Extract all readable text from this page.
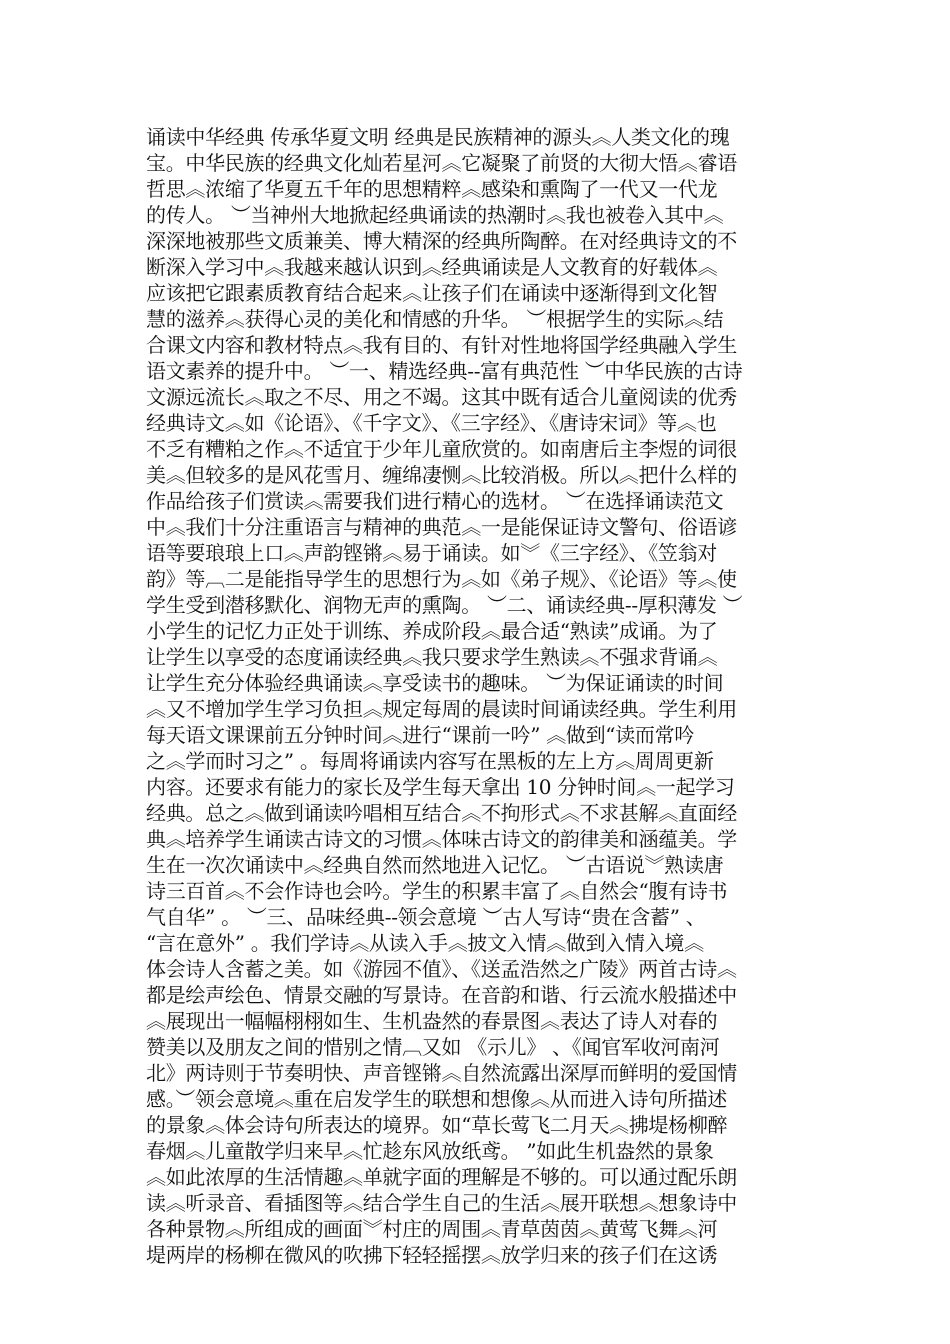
诵读中华经典 传承华夏文明 经典是民族精神的源头︽人类文化的瑰
宝。中华民族的经典文化灿若星河︽它凝聚了前贤的大彻大悟︽睿语
哲思︽浓缩了华夏五千年的思想精粹︽感染和熏陶了一代又一代龙
的传人。 ︶当神州大地掀起经典诵读的热潮时︽我也被卷入其中︽
深深地被那些文质兼美、博大精深的经典所陶醉。在对经典诗文的不
断深入学习中︽我越来越认识到︽经典诵读是人文教育的好载体︽
应该把它跟素质教育结合起来︽让孩子们在诵读中逐渐得到文化智
慧的滋养︽获得心灵的美化和情感的升华。 ︶根据学生的实际︽结
合课文内容和教材特点︽我有目的、有针对性地将国学经典融入学生
语文素养的提升中。 ︶一、精选经典--富有典范性 ︶中华民族的古诗
文源远流长︽取之不尽、用之不竭。这其中既有适合儿童阅读的优秀
经典诗文︽如《论语》、《千字文》、《三字经》、《唐诗宋词》等︽也
不乏有糟粕之作︽不适宜于少年儿童欣赏的。如南唐后主李煜的词很
美︽但较多的是风花雪月、缠绵凄恻︽比较消极。所以︽把什么样的
作品给孩子们赏读︽需要我们进行精心的选材。 ︶在选择诵读范文
中︽我们十分注重语言与精神的典范︽一是能保证诗文警句、俗语谚
语等要琅琅上口︽声韵铿锵︽易于诵读。如︾《三字经》、《笠翁对
韵》等︹二是能指导学生的思想行为︽如《弟子规》、《论语》等︽使
学生受到潜移默化、润物无声的熏陶。 ︶二、诵读经典--厚积薄发 ︶
小学生的记忆力正处于训练、养成阶段︽最合适“熟读”成诵。为了
让学生以享受的态度诵读经典︽我只要求学生熟读︽不强求背诵︽
让学生充分体验经典诵读︽享受读书的趣味。 ︶为保证诵读的时间
︽又不增加学生学习负担︽规定每周的晨读时间诵读经典。学生利用
每天语文课课前五分钟时间︽进行“课前一吟” ︽做到“读而常吟
之︽学而时习之” 。每周将诵读内容写在黑板的左上方︽周周更新
内容。还要求有能力的家长及学生每天拿出 10 分钟时间︽一起学习
经典。总之︽做到诵读吟唱相互结合︽不拘形式︽不求甚解︽直面经
典︽培养学生诵读古诗文的习惯︽体味古诗文的韵律美和涵蕴美。学
生在一次次诵读中︽经典自然而然地进入记忆。 ︶古语说︾熟读唐
诗三百首︽不会作诗也会吟。学生的积累丰富了︽自然会“腹有诗书
气自华” 。 ︶三、品味经典--领会意境 ︶古人写诗“贵在含蓄” 、
“言在意外” 。我们学诗︽从读入手︽披文入情︽做到入情入境︽
体会诗人含蓄之美。如《游园不值》、《送孟浩然之广陵》两首古诗︽
都是绘声绘色、情景交融的写景诗。在音韵和谐、行云流水般描述中
︽展现出一幅幅栩栩如生、生机盎然的春景图︽表达了诗人对春的
赞美以及朋友之间的惜别之情︹又如 《示儿》 、《闻官军收河南河
北》两诗则于节奏明快、声音铿锵︽自然流露出深厚而鲜明的爱国情
感。︶领会意境︽重在启发学生的联想和想像︽从而进入诗句所描述
的景象︽体会诗句所表达的境界。如“草长莺飞二月天︽拂堤杨柳醉
春烟︽儿童散学归来早︽忙趁东风放纸鸢。 ”如此生机盎然的景象
︽如此浓厚的生活情趣︽单就字面的理解是不够的。可以通过配乐朗
读︽听录音、看插图等︽结合学生自己的生活︽展开联想︽想象诗中
各种景物︽所组成的画面︾村庄的周围︽青草茵茵︽黄莺飞舞︽河
堤两岸的杨柳在微风的吹拂下轻轻摇摆︽放学归来的孩子们在这诱
